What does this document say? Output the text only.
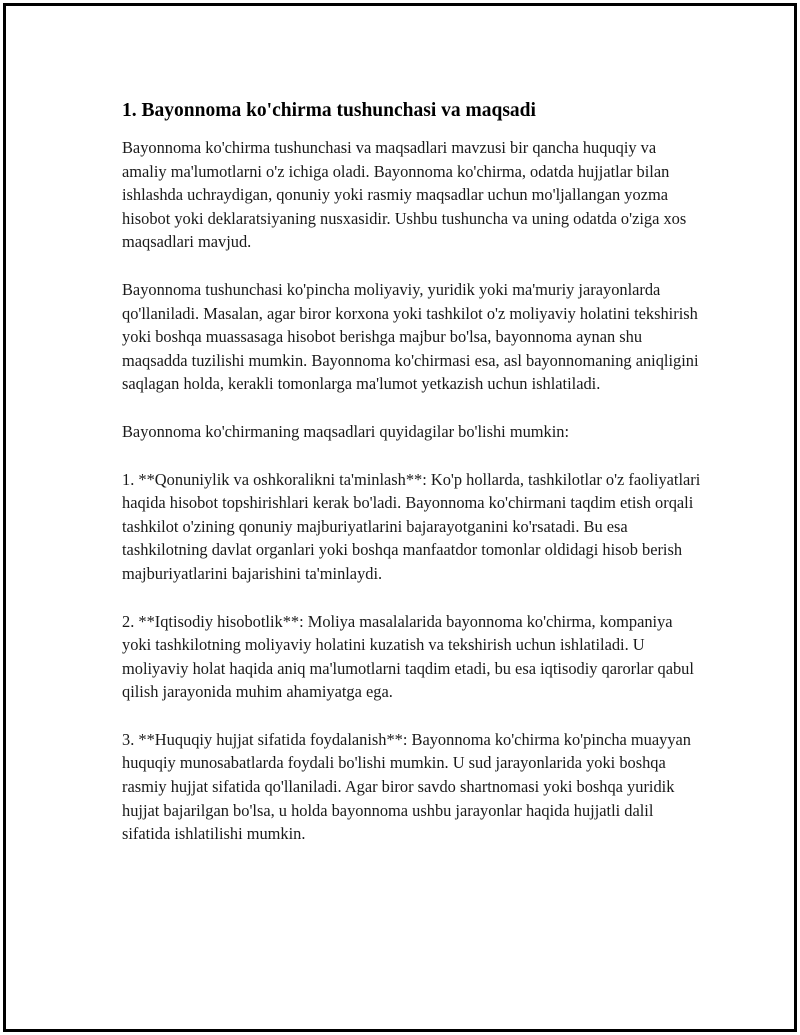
1. Bayonnoma ko'chirma tushunchasi va maqsadi

Bayonnoma ko'chirma tushunchasi va maqsadlari mavzusi bir qancha huquqiy va amaliy ma'lumotlarni o'z ichiga oladi. Bayonnoma ko'chirma, odatda hujjatlar bilan ishlashda uchraydigan, qonuniy yoki rasmiy maqsadlar uchun mo'ljallangan yozma hisobot yoki deklaratsiyaning nusxasidir. Ushbu tushuncha va uning odatda o'ziga xos maqsadlari mavjud.

Bayonnoma tushunchasi ko'pincha moliyaviy, yuridik yoki ma'muriy jarayonlarda qo'llaniladi. Masalan, agar biror korxona yoki tashkilot o'z moliyaviy holatini tekshirish yoki boshqa muassasaga hisobot berishga majbur bo'lsa, bayonnoma aynan shu maqsadda tuzilishi mumkin. Bayonnoma ko'chirmasi esa, asl bayonnomaning aniqligini saqlagan holda, kerakli tomonlarga ma'lumot yetkazish uchun ishlatiladi.

Bayonnoma ko'chirmaning maqsadlari quyidagilar bo'lishi mumkin:

1. **Qonuniylik va oshkoralikni ta'minlash**: Ko'p hollarda, tashkilotlar o'z faoliyatlari haqida hisobot topshirishlari kerak bo'ladi. Bayonnoma ko'chirmani taqdim etish orqali tashkilot o'zining qonuniy majburiyatlarini bajarayotganini ko'rsatadi. Bu esa tashkilotning davlat organlari yoki boshqa manfaatdor tomonlar oldidagi hisob berish majburiyatlarini bajarishini ta'minlaydi.

2. **Iqtisodiy hisobotlik**: Moliya masalalarida bayonnoma ko'chirma, kompaniya yoki tashkilotning moliyaviy holatini kuzatish va tekshirish uchun ishlatiladi. U moliyaviy holat haqida aniq ma'lumotlarni taqdim etadi, bu esa iqtisodiy qarorlar qabul qilish jarayonida muhim ahamiyatga ega.

3. **Huquqiy hujjat sifatida foydalanish**: Bayonnoma ko'chirma ko'pincha muayyan huquqiy munosabatlarda foydali bo'lishi mumkin. U sud jarayonlarida yoki boshqa rasmiy hujjat sifatida qo'llaniladi. Agar biror savdo shartnomasi yoki boshqa yuridik hujjat bajarilgan bo'lsa, u holda bayonnoma ushbu jarayonlar haqida hujjatli dalil sifatida ishlatilishi mumkin.
